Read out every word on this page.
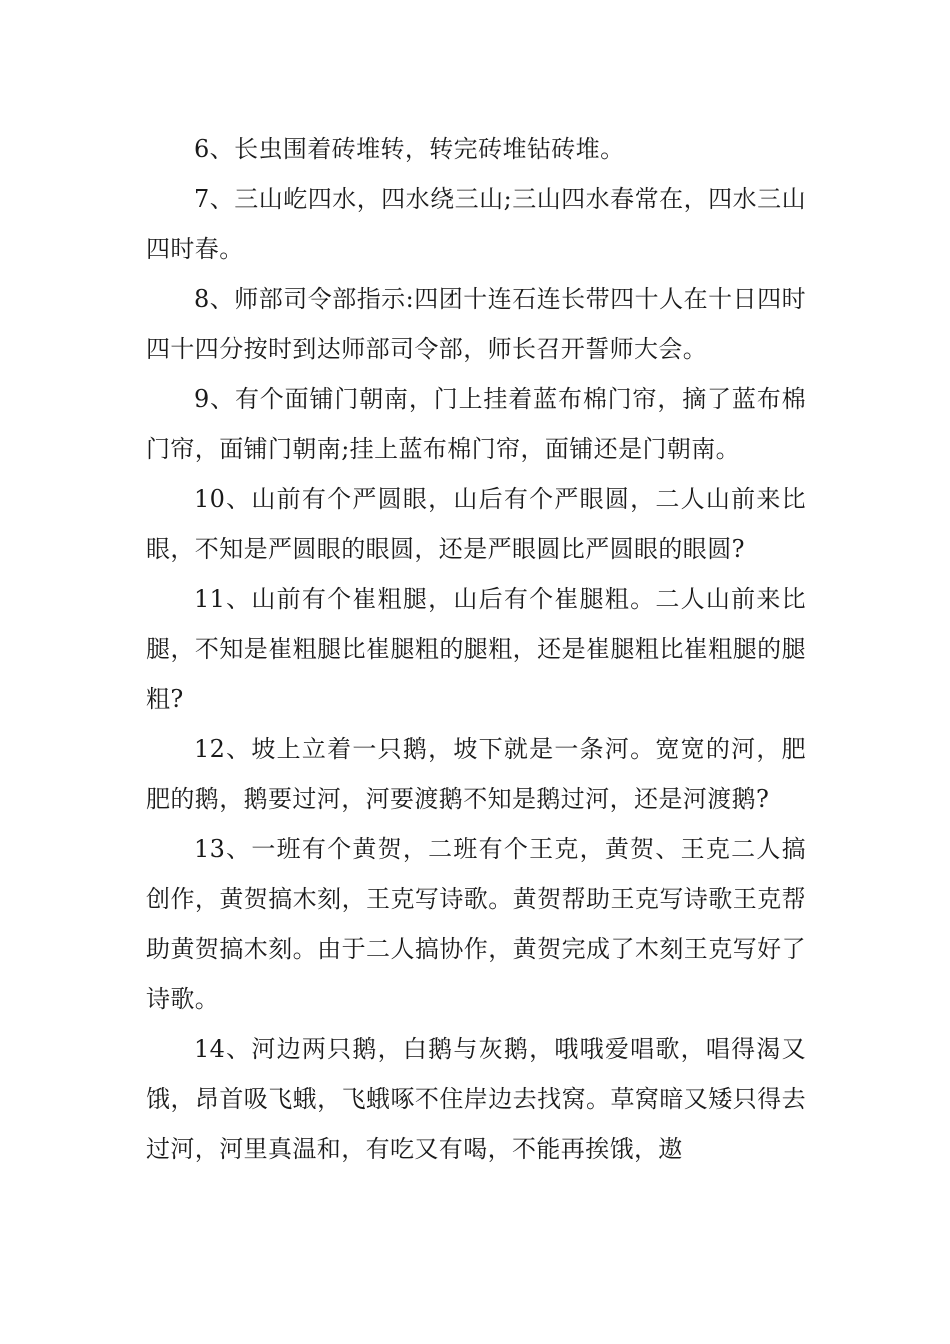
6、长虫围着砖堆转，转完砖堆钻砖堆。

7、三山屹四水，四水绕三山;三山四水春常在，四水三山四时春。

8、师部司令部指示:四团十连石连长带四十人在十日四时四十四分按时到达师部司令部，师长召开誓师大会。

9、有个面铺门朝南，门上挂着蓝布棉门帘，摘了蓝布棉门帘，面铺门朝南;挂上蓝布棉门帘，面铺还是门朝南。

10、山前有个严圆眼，山后有个严眼圆，二人山前来比眼，不知是严圆眼的眼圆，还是严眼圆比严圆眼的眼圆?

11、山前有个崔粗腿，山后有个崔腿粗。二人山前来比腿，不知是崔粗腿比崔腿粗的腿粗，还是崔腿粗比崔粗腿的腿粗?

12、坡上立着一只鹅，坡下就是一条河。宽宽的河，肥肥的鹅，鹅要过河，河要渡鹅不知是鹅过河，还是河渡鹅?

13、一班有个黄贺，二班有个王克，黄贺、王克二人搞创作，黄贺搞木刻，王克写诗歌。黄贺帮助王克写诗歌王克帮助黄贺搞木刻。由于二人搞协作，黄贺完成了木刻王克写好了诗歌。

14、河边两只鹅，白鹅与灰鹅，哦哦爱唱歌，唱得渴又饿，昂首吸飞蛾，飞蛾啄不住岸边去找窝。草窝暗又矮只得去过河，河里真温和，有吃又有喝，不能再挨饿，遨
